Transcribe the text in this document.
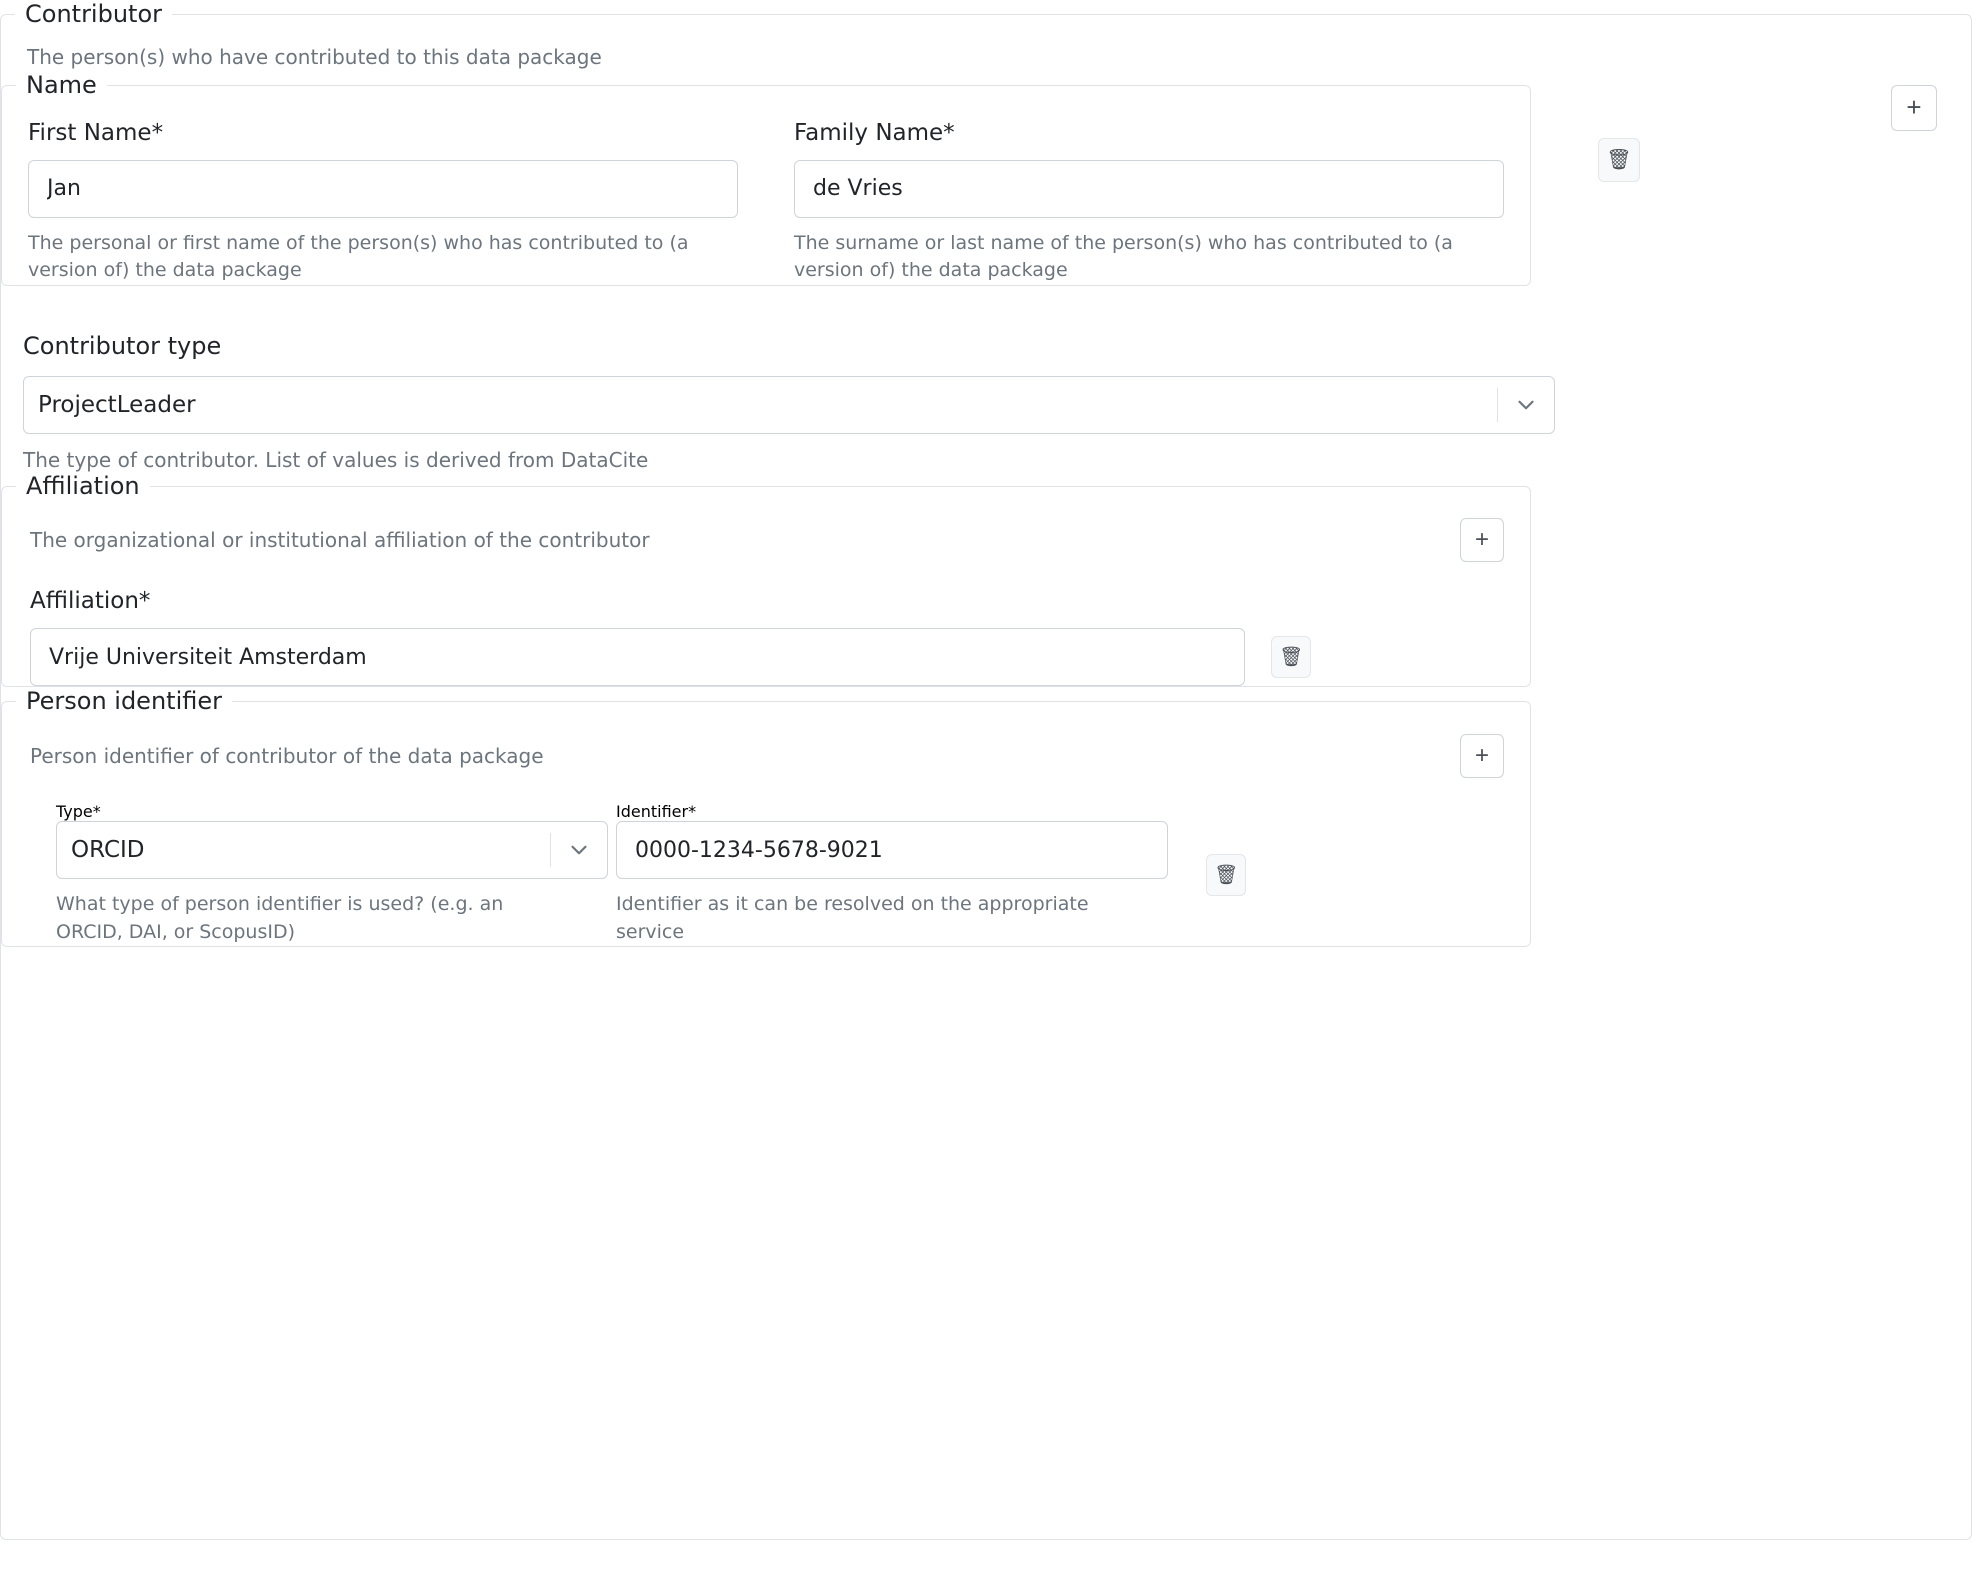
Contributor
The person(s) who have contributed to this data package
+
Name
First Name*
Jan
The personal or first name of the person(s) who has contributed to (a version of) the data package
Family Name*
de Vries
The surname or last name of the person(s) who has contributed to (a version of) the data package
🗑
Contributor type
ProjectLeader
The type of contributor. List of values is derived from DataCite
Affiliation
The organizational or institutional affiliation of the contributor	+
Affiliation*
Vrije Universiteit Amsterdam
🗑
Person identifier
Person identifier of contributor of the data package	+
Type*
ORCID
What type of person identifier is used? (e.g. an ORCID, DAI, or ScopusID)
Identifier* 0000-1234-5678-9021
Identifier as it can be resolved on the appropriate service
🗑
